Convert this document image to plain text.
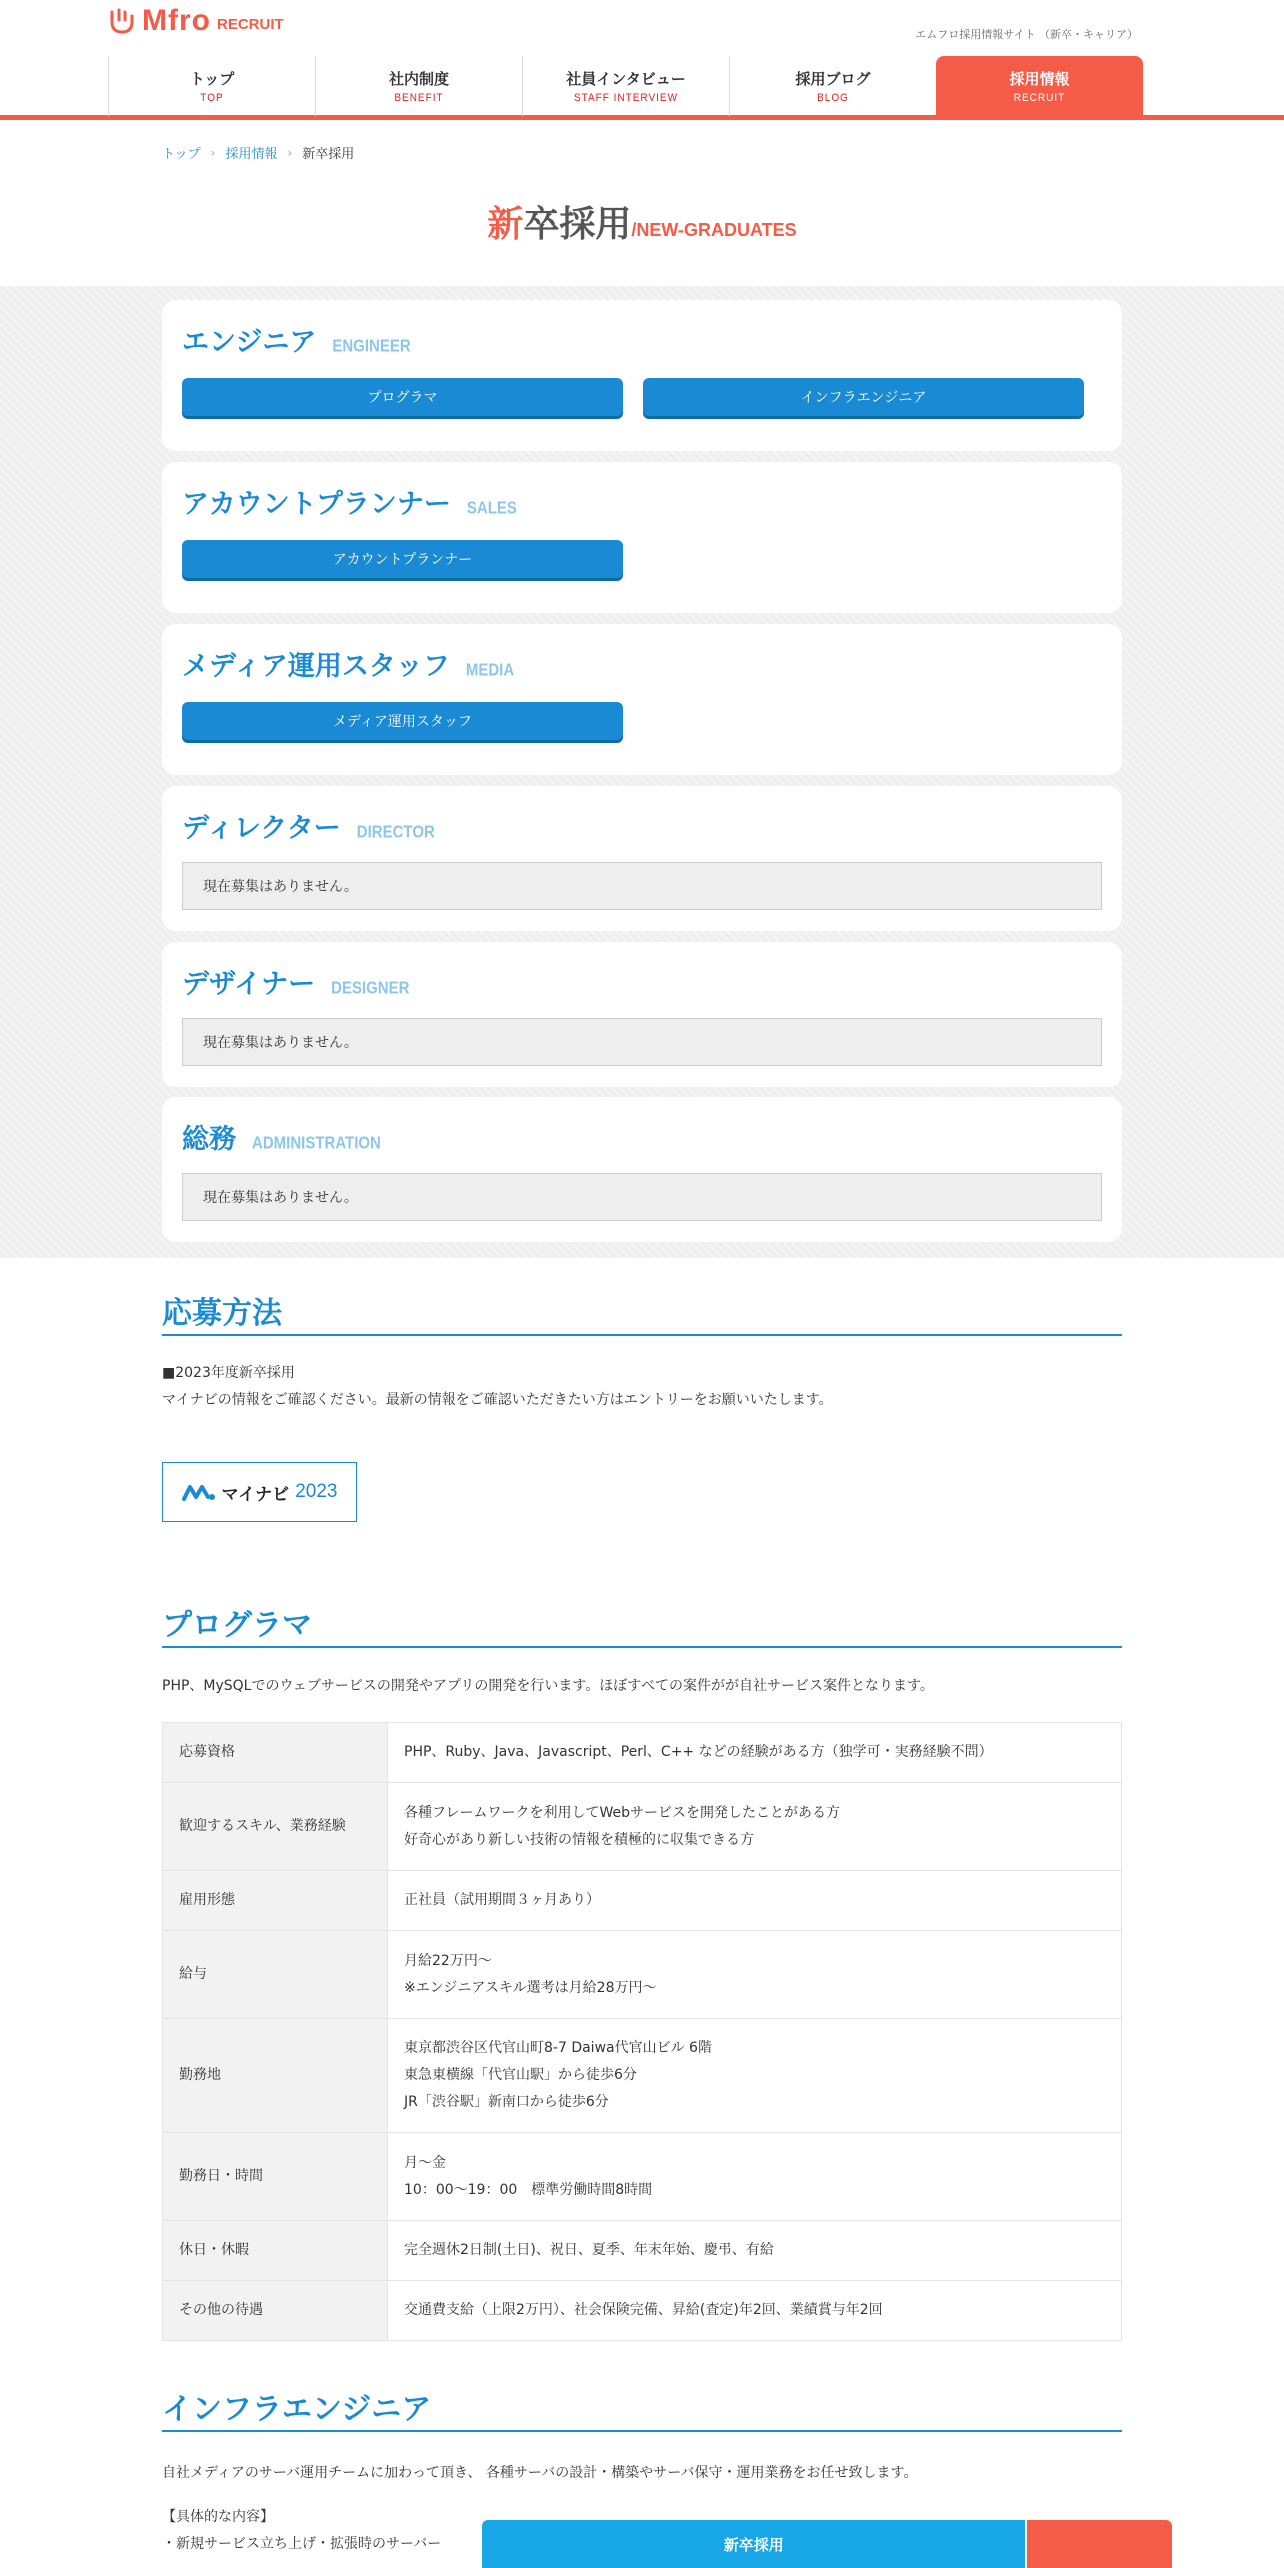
Mfro RECRUIT
エムフロ採用情報サイト （新卒・キャリア）
トップ
TOP
社内制度
BENEFIT
社員インタビュー
STAFF INTERVIEW
採用ブログ
BLOG
採用情報
RECRUIT
トップ › 採用情報 › 新卒採用
新卒採用/NEW-GRADUATES
エンジニア ENGINEER
プログラマ	インフラエンジニア
アカウントプランナー SALES
アカウントプランナー
メディア運用スタッフ MEDIA
メディア運用スタッフ
ディレクター DIRECTOR
現在募集はありません。
デザイナー DESIGNER
現在募集はありません。
総務 ADMINISTRATION
現在募集はありません。
応募方法
■2023年度新卒採用
マイナビの情報をご確認ください。最新の情報をご確認いただきたい方はエントリーをお願いいたします。
マイナビ 2023
プログラマ
PHP、MySQLでのウェブサービスの開発やアプリの開発を行います。ほぼすべての案件がが自社サービス案件となります。
応募資格	PHP、Ruby、Java、Javascript、Perl、C++ などの経験がある方（独学可・実務経験不問）

歓迎するスキル、業務経験	各種フレームワークを利用してWebサービスを開発したことがある方
好奇心があり新しい技術の情報を積極的に収集できる方

雇用形態	正社員（試用期間３ヶ月あり）

給与	月給22万円～
※エンジニアスキル選考は月給28万円～

勤務地	東京都渋谷区代官山町8-7 Daiwa代官山ビル 6階
東急東横線「代官山駅」から徒歩6分
JR「渋谷駅」新南口から徒歩6分

勤務日・時間	月～金
10：00～19：00　標準労働時間8時間

休日・休暇	完全週休2日制(土日)、祝日、夏季、年末年始、慶弔、有給

その他の待遇	交通費支給（上限2万円）、社会保険完備、昇給(査定)年2回、業績賞与年2回
インフラエンジニア
自社メディアのサーバ運用チームに加わって頂き、 各種サーバの設計・構築やサーバ保守・運用業務をお任せ致します。
【具体的な内容】
・新規サービス立ち上げ・拡張時のサーバー	新卒採用
